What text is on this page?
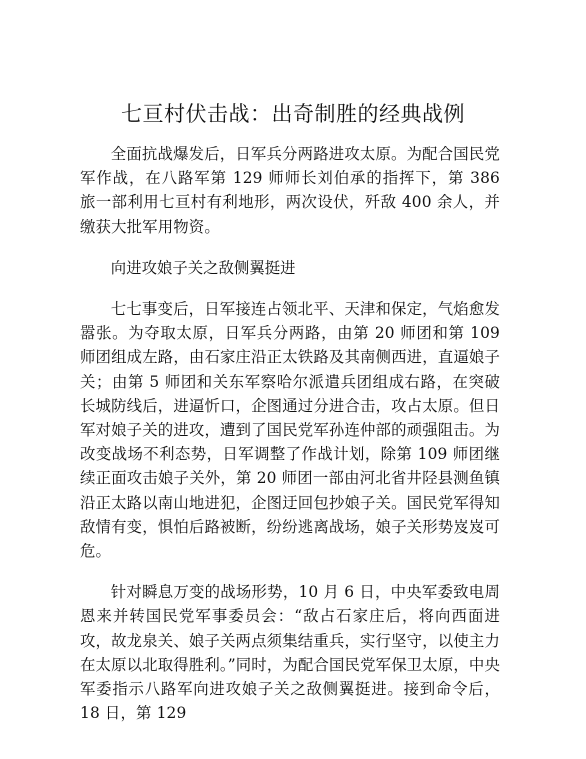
七亘村伏击战：出奇制胜的经典战例

全面抗战爆发后，日军兵分两路进攻太原。为配合国民党军作战，在八路军第 129 师师长刘伯承的指挥下，第 386 旅一部利用七亘村有利地形，两次设伏，歼敌 400 余人，并缴获大批军用物资。

向进攻娘子关之敌侧翼挺进

七七事变后，日军接连占领北平、天津和保定，气焰愈发嚣张。为夺取太原，日军兵分两路，由第 20 师团和第 109 师团组成左路，由石家庄沿正太铁路及其南侧西进，直逼娘子关；由第 5 师团和关东军察哈尔派遣兵团组成右路，在突破长城防线后，进逼忻口，企图通过分进合击，攻占太原。但日军对娘子关的进攻，遭到了国民党军孙连仲部的顽强阻击。为改变战场不利态势，日军调整了作战计划，除第 109 师团继续正面攻击娘子关外，第 20 师团一部由河北省井陉县测鱼镇沿正太路以南山地进犯，企图迂回包抄娘子关。国民党军得知敌情有变，惧怕后路被断，纷纷逃离战场，娘子关形势岌岌可危。

针对瞬息万变的战场形势，10 月 6 日，中央军委致电周恩来并转国民党军事委员会：“敌占石家庄后，将向西面进攻，故龙泉关、娘子关两点须集结重兵，实行坚守，以使主力在太原以北取得胜利。”同时，为配合国民党军保卫太原，中央军委指示八路军向进攻娘子关之敌侧翼挺进。接到命令后，18 日，第 129
